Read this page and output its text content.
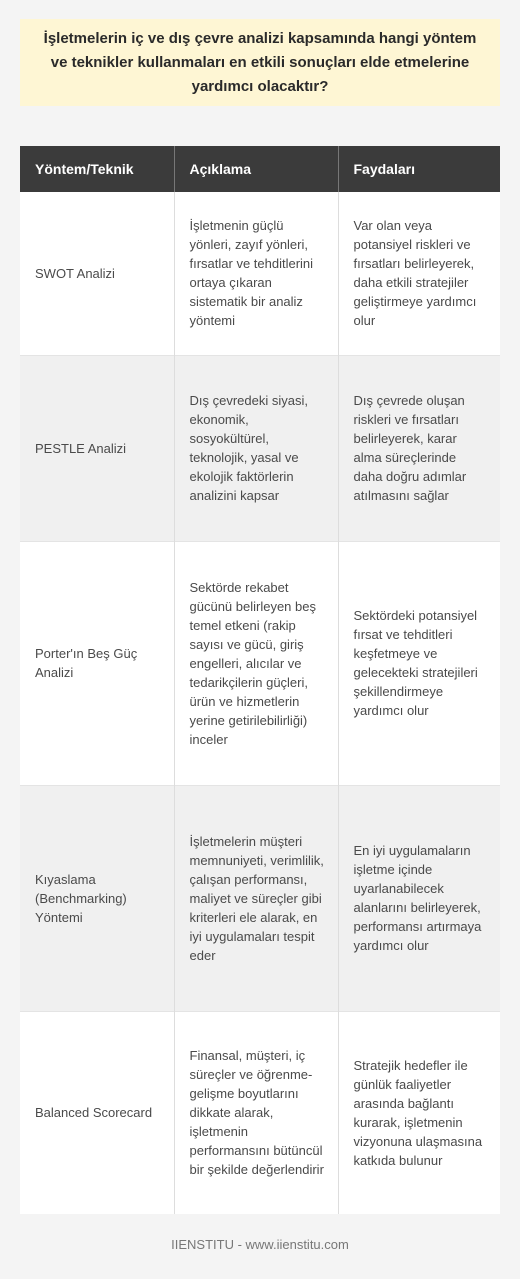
İşletmelerin iç ve dış çevre analizi kapsamında hangi yöntem ve teknikler kullanmaları en etkili sonuçları elde etmelerine yardımcı olacaktır?
Yöntem/Teknik	Açıklama	Faydaları
SWOT Analizi	İşletmenin güçlü yönleri, zayıf yönleri, fırsatlar ve tehditlerini ortaya çıkaran sistematik bir analiz yöntemi	Var olan veya potansiyel riskleri ve fırsatları belirleyerek, daha etkili stratejiler geliştirmeye yardımcı olur
PESTLE Analizi	Dış çevredeki siyasi, ekonomik, sosyokültürel, teknolojik, yasal ve ekolojik faktörlerin analizini kapsar	Dış çevrede oluşan riskleri ve fırsatları belirleyerek, karar alma süreçlerinde daha doğru adımlar atılmasını sağlar
Porter'ın Beş Güç Analizi	Sektörde rekabet gücünü belirleyen beş temel etkeni (rakip sayısı ve gücü, giriş engelleri, alıcılar ve tedarikçilerin güçleri, ürün ve hizmetlerin yerine getirilebilirliği) inceler	Sektördeki potansiyel fırsat ve tehditleri keşfetmeye ve gelecekteki stratejileri şekillendirmeye yardımcı olur
Kıyaslama (Benchmarking) Yöntemi	İşletmelerin müşteri memnuniyeti, verimlilik, çalışan performansı, maliyet ve süreçler gibi kriterleri ele alarak, en iyi uygulamaları tespit eder	En iyi uygulamaların işletme içinde uyarlanabilecek alanlarını belirleyerek, performansı artırmaya yardımcı olur
Balanced Scorecard	Finansal, müşteri, iç süreçler ve öğrenme-gelişme boyutlarını dikkate alarak, işletmenin performansını bütüncül bir şekilde değerlendirir	Stratejik hedefler ile günlük faaliyetler arasında bağlantı kurarak, işletmenin vizyonuna ulaşmasına katkıda bulunur
IIENSTITU - www.iienstitu.com
